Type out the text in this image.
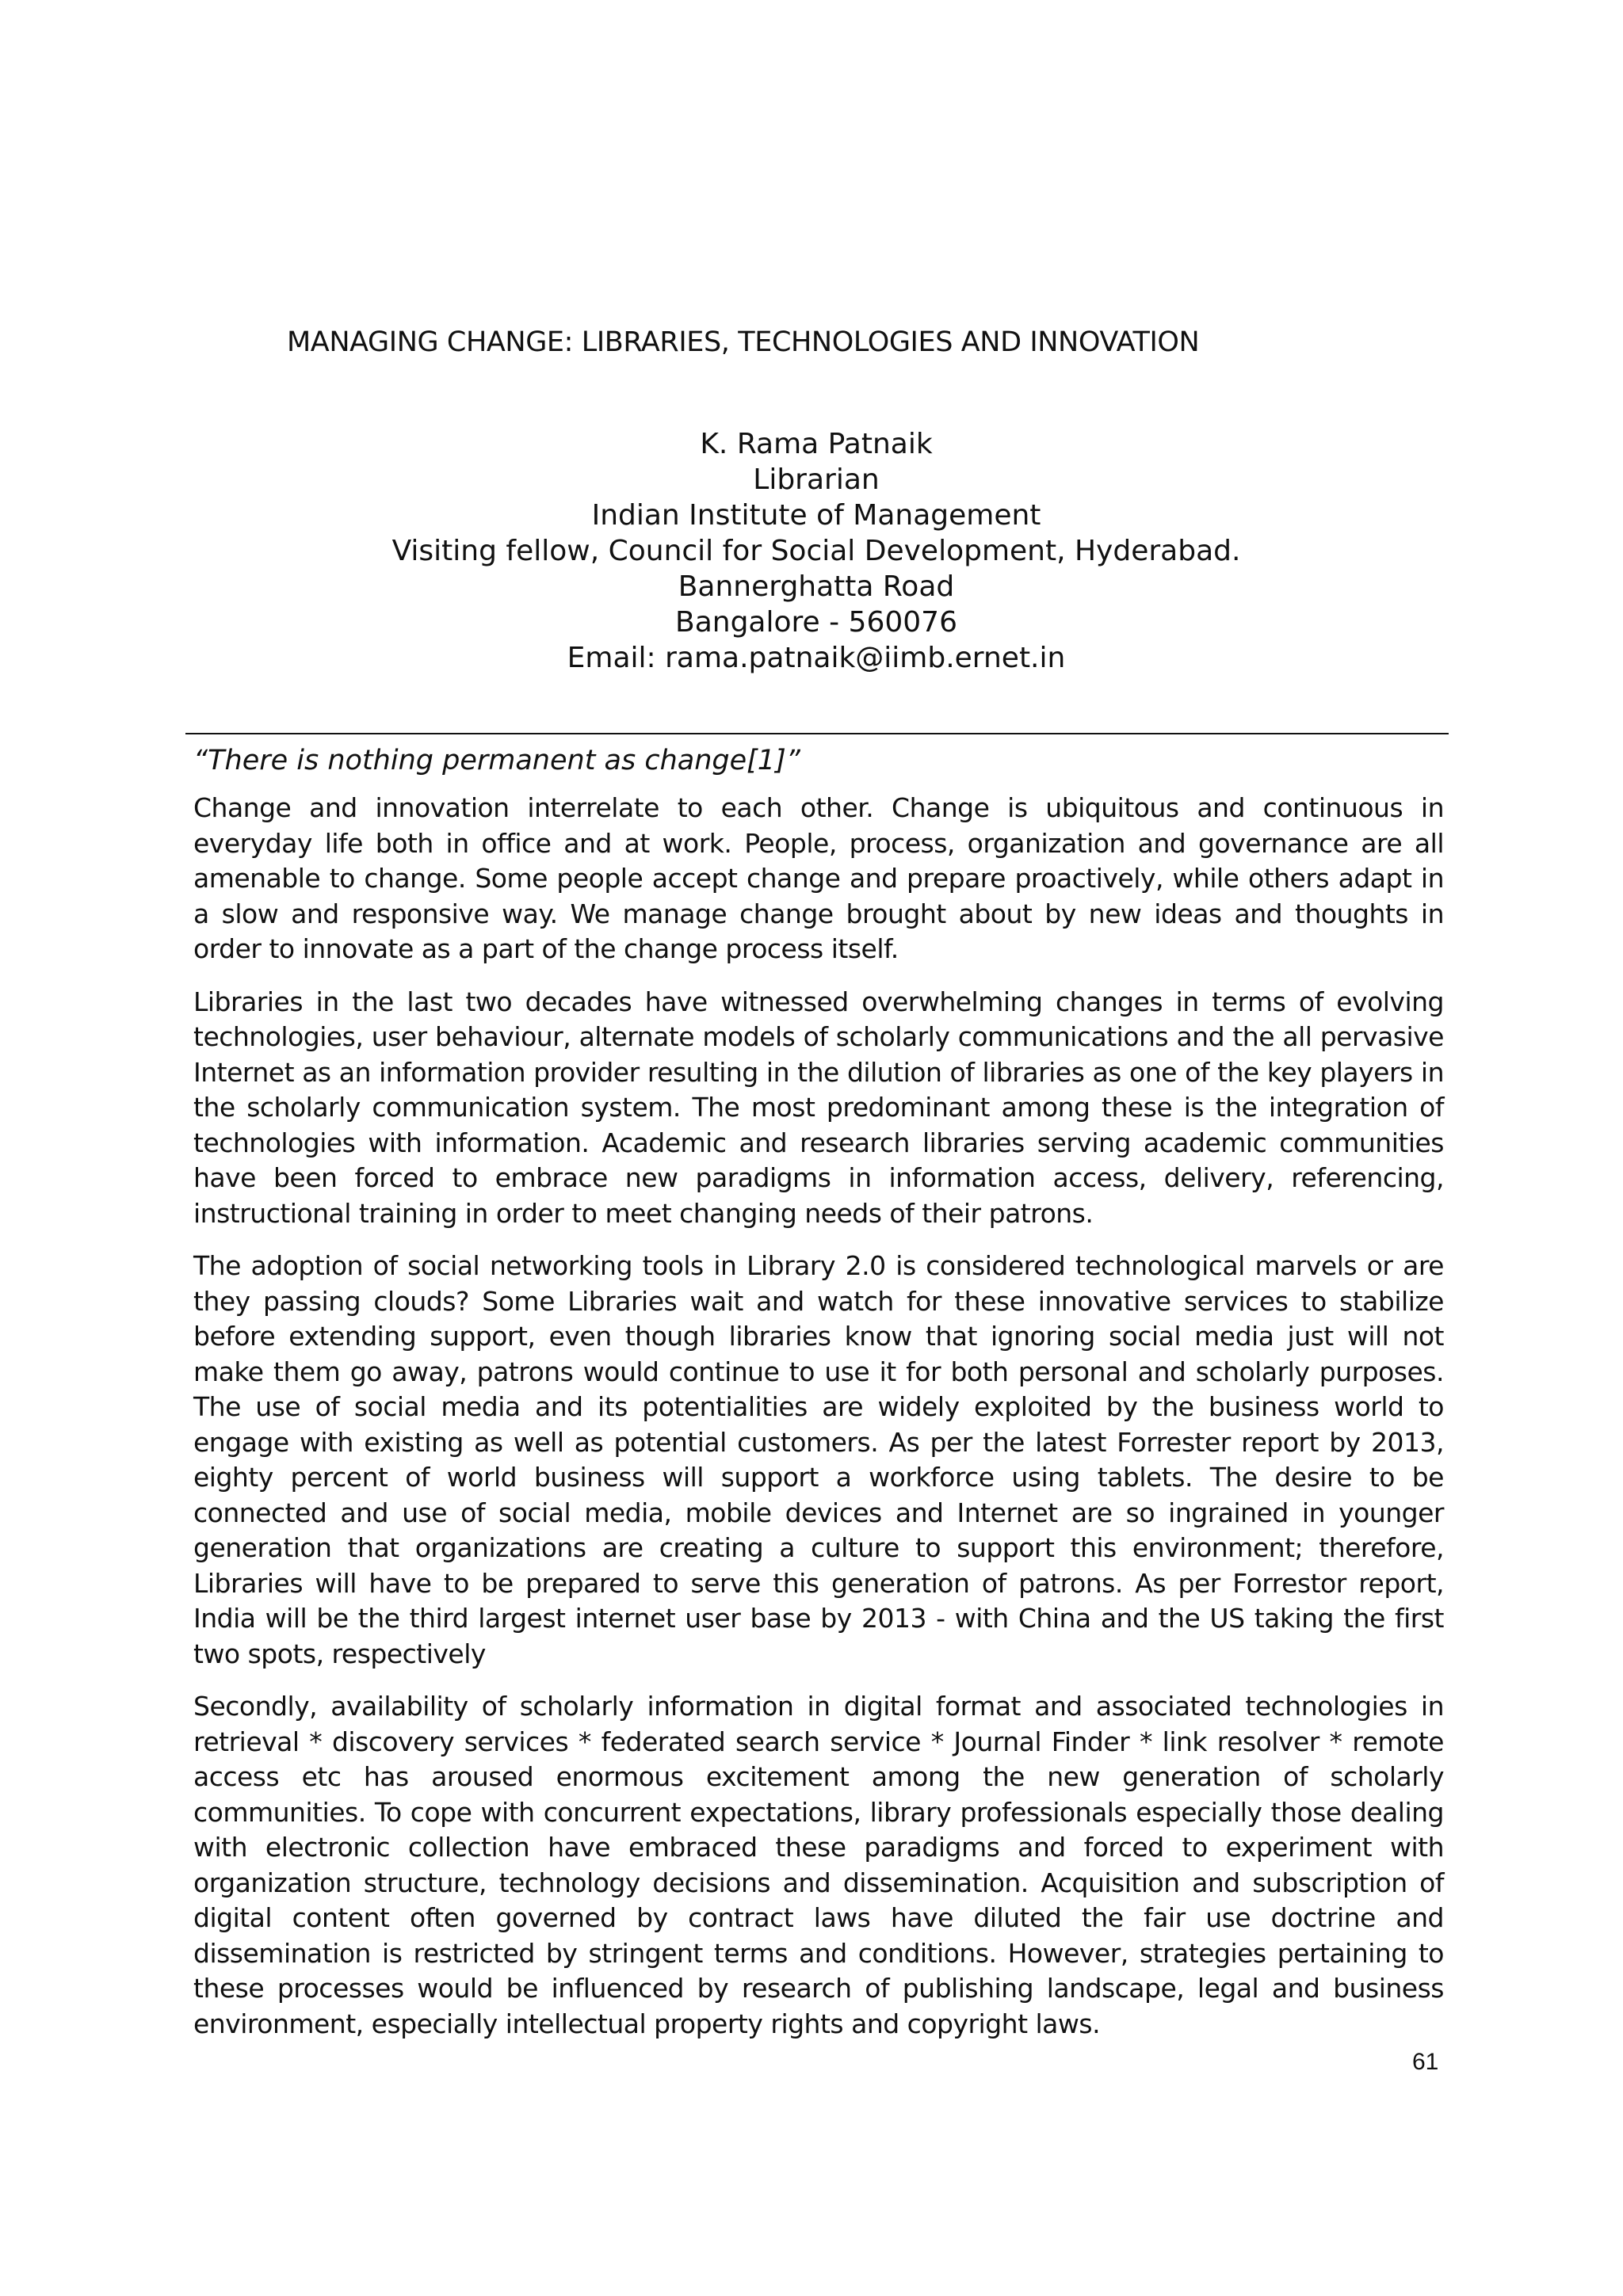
MANAGING CHANGE: LIBRARIES, TECHNOLOGIES AND INNOVATION
K. Rama Patnaik
Librarian
Indian Institute of Management
Visiting fellow, Council for Social Development, Hyderabad.
Bannerghatta Road
Bangalore - 560076
Email: rama.patnaik@iimb.ernet.in
“There is nothing permanent as change[1]”

Change and innovation interrelate to each other. Change is ubiquitous and continuous in everyday life both in office and at work. People, process, organization and governance are all amenable to change. Some people accept change and prepare proactively, while others adapt in a slow and responsive way. We manage change brought about by new ideas and thoughts in order to innovate as a part of the change process itself.

Libraries in the last two decades have witnessed overwhelming changes in terms of evolving technologies, user behaviour, alternate models of scholarly communications and the all pervasive Internet as an information provider resulting in the dilution of libraries as one of the key players in the scholarly communication system. The most predominant among these is the integration of technologies with information. Academic and research libraries serving academic communities have been forced to embrace new paradigms in information access, delivery, referencing, instructional training in order to meet changing needs of their patrons.

The adoption of social networking tools in Library 2.0 is considered technological marvels or are they passing clouds? Some Libraries wait and watch for these innovative services to stabilize before extending support, even though libraries know that ignoring social media just will not make them go away, patrons would continue to use it for both personal and scholarly purposes. The use of social media and its potentialities are widely exploited by the business world to engage with existing as well as potential customers. As per the latest Forrester report by 2013, eighty percent of world business will support a workforce using tablets. The desire to be connected and use of social media, mobile devices and Internet are so ingrained in younger generation that organizations are creating a culture to support this environment; therefore, Libraries will have to be prepared to serve this generation of patrons. As per Forrestor report, India will be the third largest internet user base by 2013 - with China and the US taking the first two spots, respectively

Secondly, availability of scholarly information in digital format and associated technologies in retrieval * discovery services * federated search service * Journal Finder * link resolver * remote access etc has aroused enormous excitement among the new generation of scholarly communities. To cope with concurrent expectations, library professionals especially those dealing with electronic collection have embraced these paradigms and forced to experiment with organization structure, technology decisions and dissemination. Acquisition and subscription of digital content often governed by contract laws have diluted the fair use doctrine and dissemination is restricted by stringent terms and conditions. However, strategies pertaining to these processes would be influenced by research of publishing landscape, legal and business environment, especially intellectual property rights and copyright laws.

61
